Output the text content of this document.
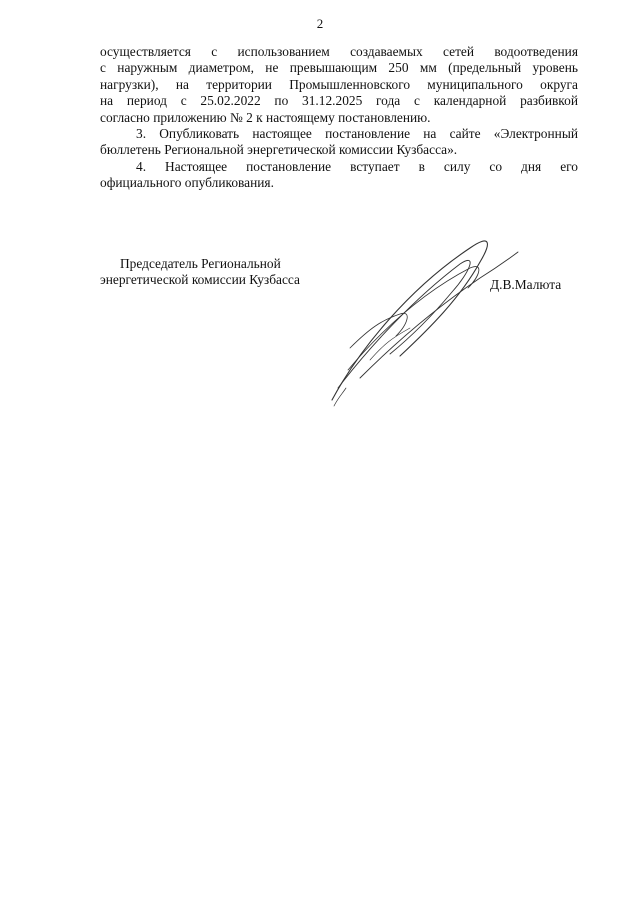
2

осуществляется с использованием создаваемых сетей водоотведения
с наружным диаметром, не превышающим 250 мм (предельный уровень
нагрузки), на территории Промышленновского муниципального округа
на период с 25.02.2022 по 31.12.2025 года с календарной разбивкой
согласно приложению № 2 к настоящему постановлению.

3. Опубликовать настоящее постановление на сайте «Электронный
бюллетень Региональной энергетической комиссии Кузбасса».

4. Настоящее постановление вступает в силу со дня его
официального опубликования.

Председатель Региональной
энергетической комиссии Кузбасса	Д.В.Малюта
